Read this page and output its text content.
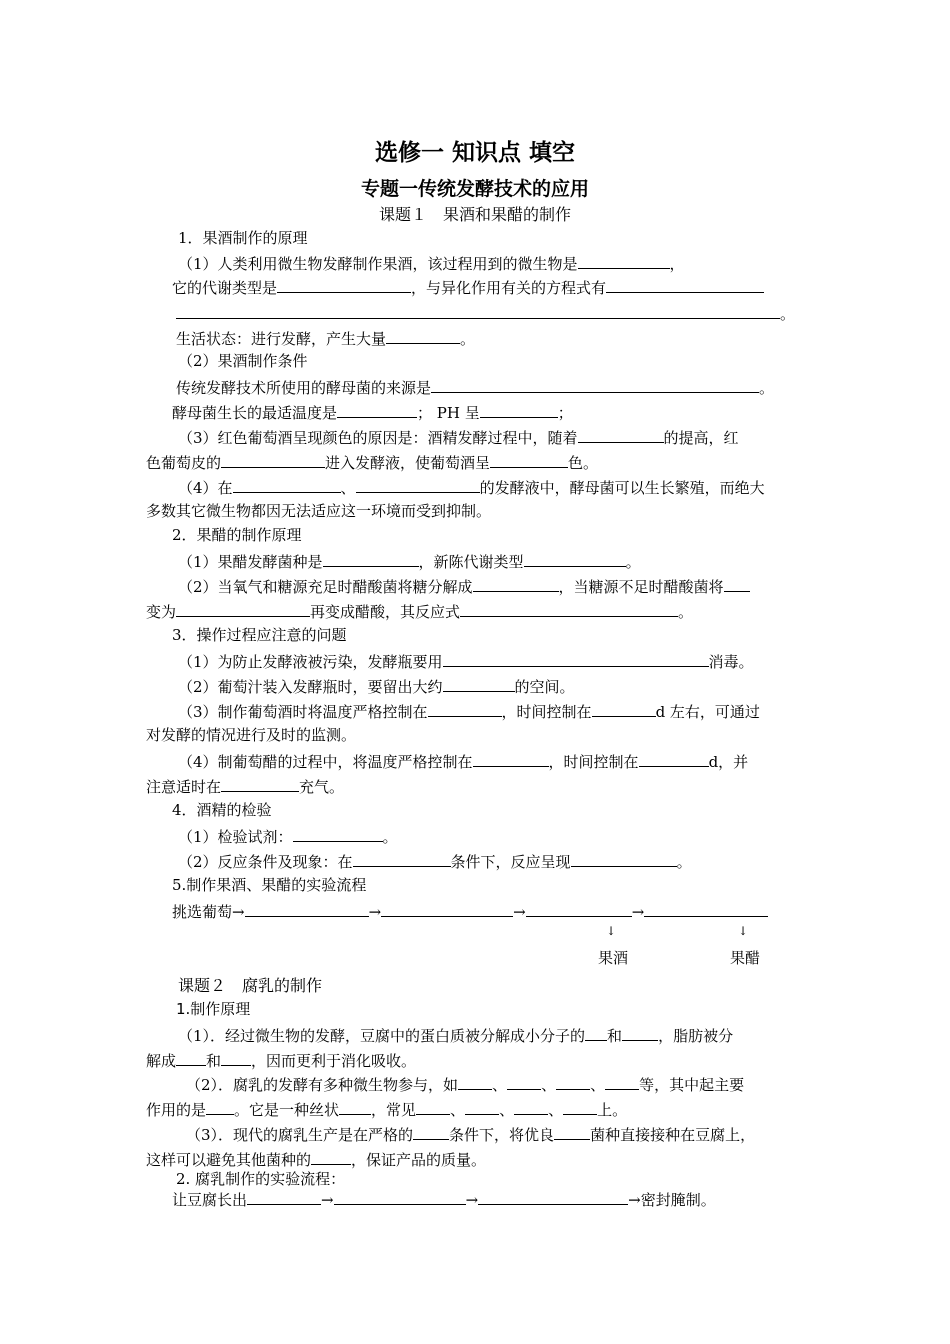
选修一 知识点 填空
专题一传统发酵技术的应用
课题１　果酒和果醋的制作
1．果酒制作的原理
（1）人类利用微生物发酵制作果酒，该过程用到的微生物是	，
它的代谢类型是	，与异化作用有关的方程式有
。
生活状态：进行发酵，产生大量	。
（2）果酒制作条件
传统发酵技术所使用的酵母菌的来源是	。
酵母菌生长的最适温度是	； PH 呈	；
（3）红色葡萄酒呈现颜色的原因是：酒精发酵过程中，随着	的提高，红
色葡萄皮的	进入发酵液，使葡萄酒呈	色。
（4）在	、	的发酵液中，酵母菌可以生长繁殖，而绝大
多数其它微生物都因无法适应这一环境而受到抑制。
2．果醋的制作原理
（1）果醋发酵菌种是	，新陈代谢类型	。
（2）当氧气和糖源充足时醋酸菌将糖分解成	，当糖源不足时醋酸菌将
变为	再变成醋酸，其反应式	。
3．操作过程应注意的问题
（1）为防止发酵液被污染，发酵瓶要用	消毒。
（2）葡萄汁装入发酵瓶时，要留出大约	的空间。
（3）制作葡萄酒时将温度严格控制在	，时间控制在	d 左右，可通过
对发酵的情况进行及时的监测。
（4）制葡萄醋的过程中，将温度严格控制在	，时间控制在	d，并
注意适时在	充气。
4．酒精的检验
（1）检验试剂：	。
（2）反应条件及现象：在	条件下，反应呈现	。
5.制作果酒、果醋的实验流程
挑选葡萄→	→	→	→
↓	↓
果酒	果醋
课题２　腐乳的制作
1.制作原理
（1）．经过微生物的发酵，豆腐中的蛋白质被分解成小分子的 和 ，脂肪被分
解成 和 ，因而更利于消化吸收。
（2）．腐乳的发酵有多种微生物参与，如 、 、 、 等，其中起主要
作用的是 。它是一种丝状 ，常见 、 、 、 上。
（3）．现代的腐乳生产是在严格的 条件下，将优良 菌种直接接种在豆腐上，
这样可以避免其他菌种的	，保证产品的质量。
2. 腐乳制作的实验流程：
让豆腐长出	→	→	→密封腌制。
